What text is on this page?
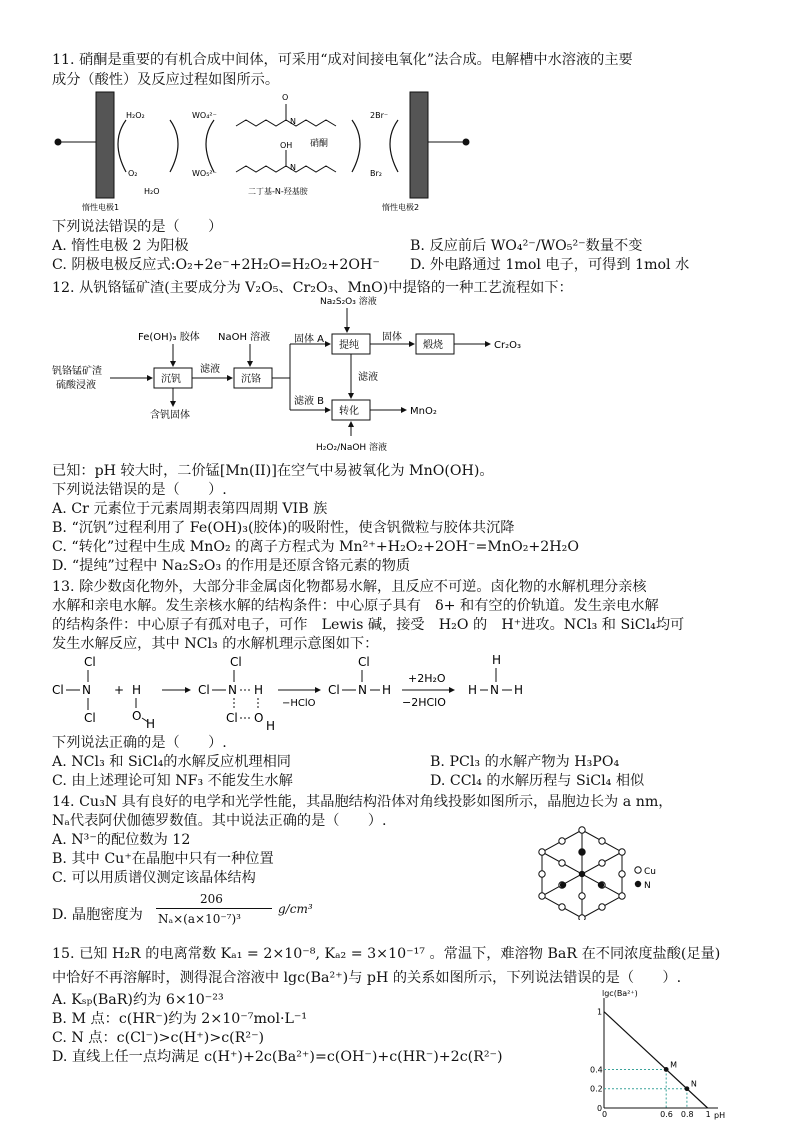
11. 硝酮是重要的有机合成中间体，可采用“成对间接电氧化”法合成。电解槽中水溶液的主要
成分（酸性）及反应过程如图所示。
O
N
OH
N
H₂O₂
O₂
H₂O
WO₄²⁻
WO₅²⁻
硝酮
二丁基-N-羟基胺
2Br⁻
Br₂
惰性电极1	惰性电极2
下列说法错误的是（　　）
A. 惰性电极 2 为阳极	B. 反应前后 WO₄²⁻/WO₅²⁻数量不变
C. 阴极电极反应式:O₂+2e⁻+2H₂O=H₂O₂+2OH⁻ D. 外电路通过 1mol 电子，可得到 1mol 水
12. 从钒铬锰矿渣(主要成分为 V₂O₅、Cr₂O₃、MnO)中提铬的一种工艺流程如下：
Na₂S₂O₃ 溶液
Fe(OH)₃ 胶体 NaOH 溶液
提纯
固体 A	固体
煅烧	Cr₂O₃
钒铬锰矿渣
硫酸浸液
沉钒
滤液
沉铬	滤液
滤液 B
转化	MnO₂
含钒固体
H₂O₂/NaOH 溶液
已知：pH 较大时，二价锰[Mn(II)]在空气中易被氧化为 MnO(OH)。
下列说法错误的是（　　）.
A. Cr 元素位于元素周期表第四周期 VIB 族
B. “沉钒”过程利用了 Fe(OH)₃(胶体)的吸附性，使含钒微粒与胶体共沉降
C. “转化”过程中生成 MnO₂ 的离子方程式为 Mn²⁺+H₂O₂+2OH⁻=MnO₂+2H₂O
D. “提纯”过程中 Na₂S₂O₃ 的作用是还原含铬元素的物质
13. 除少数卤化物外，大部分非金属卤化物都易水解，且反应不可逆。卤化物的水解机理分亲核
水解和亲电水解。发生亲核水解的结构条件：中心原子具有　δ+ 和有空的价轨道。发生亲电水解
的结构条件：中心原子有孤对电子，可作　Lewis 碱，接受　H₂O 的　H⁺进攻。NCl₃ 和 SiCl₄均可
发生水解反应，其中 NCl₃ 的水解机理示意图如下：
Cl
Cl N
Cl
+ H
O
H
Cl
Cl N H
Cl O
H
Cl
Cl N H
H
H N H
−HClO
+2H₂O
−2HClO
下列说法正确的是（　　）.
A. NCl₃ 和 SiCl₄的水解反应机理相同	B. PCl₃ 的水解产物为 H₃PO₄
C. 由上述理论可知 NF₃ 不能发生水解	D. CCl₄ 的水解历程与 SiCl₄ 相似
14. Cu₃N 具有良好的电学和光学性能，其晶胞结构沿体对角线投影如图所示，晶胞边长为 a nm，
Nₐ代表阿伏伽德罗数值。其中说法正确的是（　　）.
A. N³⁻的配位数为 12
B. 其中 Cu⁺在晶胞中只有一种位置
C. 可以用质谱仪测定该晶体结构
D. 晶胞密度为
206
Nₐ×(a×10⁻⁷)³
g/cm³
Cu
N
15. 已知 H₂R 的电离常数 Kₐ₁ = 2×10⁻⁸, Kₐ₂ = 3×10⁻¹⁷ 。常温下，难溶物 BaR 在不同浓度盐酸(足量)
中恰好不再溶解时，测得混合溶液中 lgc(Ba²⁺)与 pH 的关系如图所示，下列说法错误的是（　　）.
A. Kₛₚ(BaR)约为 6×10⁻²³
B. M 点：c(HR⁻)约为 2×10⁻⁷mol·L⁻¹
C. N 点：c(Cl⁻)>c(H⁺)>c(R²⁻)
D. 直线上任一点均满足 c(H⁺)+2c(Ba²⁺)=c(OH⁻)+c(HR⁻)+2c(R²⁻)
0	0.6 0.8 1
0.2
0.4
1
0
M
N
lgc(Ba²⁺)
pH
